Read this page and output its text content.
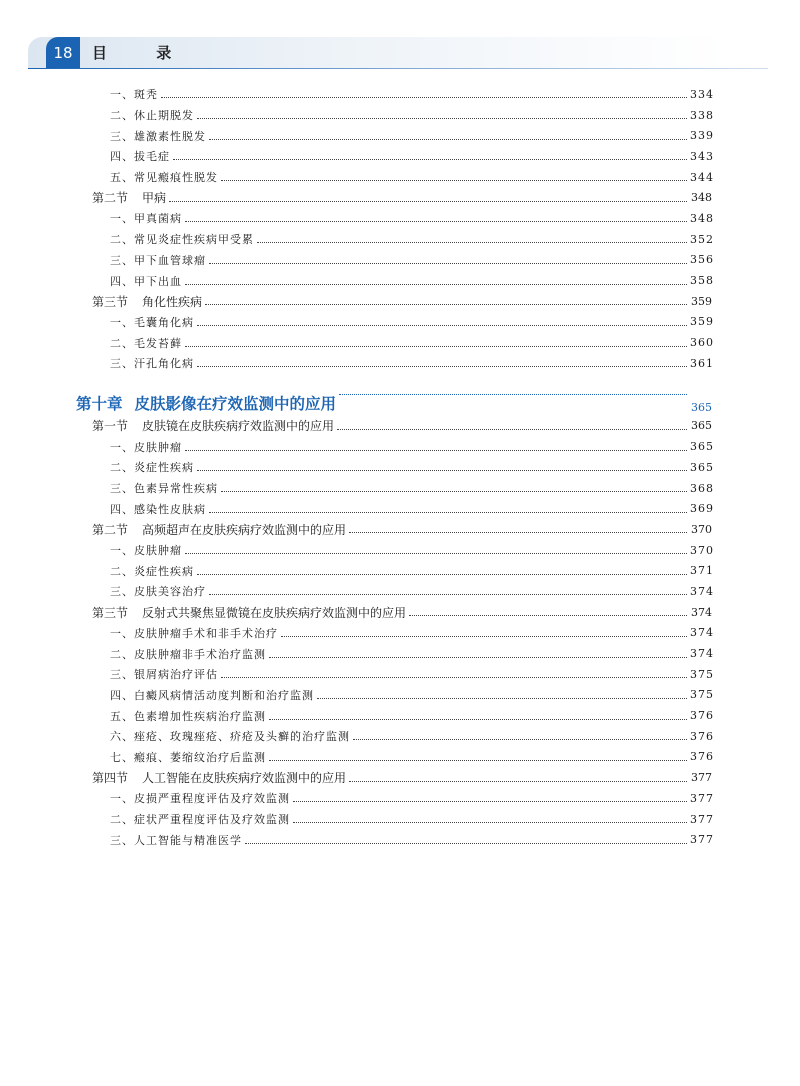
18	目 录
一、斑秃	334
二、休止期脱发	338
三、雄激素性脱发	339
四、拔毛症	343
五、常见瘢痕性脱发	344
第二节 甲病	348
一、甲真菌病	348
二、常见炎症性疾病甲受累	352
三、甲下血管球瘤	356
四、甲下出血	358
第三节 角化性疾病	359
一、毛囊角化病	359
二、毛发苔藓	360
三、汗孔角化病	361
第十章 皮肤影像在疗效监测中的应用	365
第一节 皮肤镜在皮肤疾病疗效监测中的应用	365
一、皮肤肿瘤	365
二、炎症性疾病	365
三、色素异常性疾病	368
四、感染性皮肤病	369
第二节 高频超声在皮肤疾病疗效监测中的应用	370
一、皮肤肿瘤	370
二、炎症性疾病	371
三、皮肤美容治疗	374
第三节 反射式共聚焦显微镜在皮肤疾病疗效监测中的应用	374
一、皮肤肿瘤手术和非手术治疗	374
二、皮肤肿瘤非手术治疗监测	374
三、银屑病治疗评估	375
四、白癜风病情活动度判断和治疗监测	375
五、色素增加性疾病治疗监测	376
六、痤疮、玫瑰痤疮、疥疮及头癣的治疗监测	376
七、瘢痕、萎缩纹治疗后监测	376
第四节 人工智能在皮肤疾病疗效监测中的应用	377
一、皮损严重程度评估及疗效监测	377
二、症状严重程度评估及疗效监测	377
三、人工智能与精准医学	377
